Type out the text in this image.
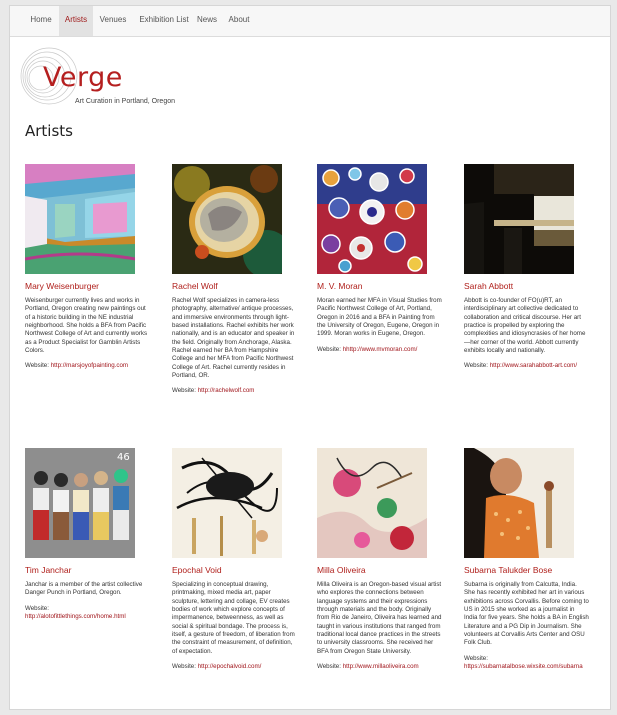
Home	Artists	Venues	Exhibition List	News	About
Verge
Art Curation in Portland, Oregon
Artists
Mary Weisenburger
Weisenburger currently lives and works in Portland, Oregon creating new paintings out of a historic building in the NE industrial neighborhood. She holds a BFA from Pacific Northwest College of Art and currently works as a Product Specialist for Gamblin Artists Colors.
Website: http://marsjoyofpainting.com
Rachel Wolf
Rachel Wolf specializes in camera-less photography, alternative/ antique processes, and immersive environments through light-based installations. Rachel exhibits her work nationally, and is an educator and speaker in the field. Originally from Anchorage, Alaska. Rachel earned her BA from Hampshire College and her MFA from Pacific Northwest College of Art. Rachel currently resides in Portland, OR.
Website: http://rachelwolf.com
M. V. Moran
Moran earned her MFA in Visual Studies from Pacific Northwest College of Art, Portland, Oregon in 2016 and a BFA in Painting from the University of Oregon, Eugene, Oregon in 1999. Moran works in Eugene, Oregon.
Website: hhttp://www.mvmoran.com/
Sarah Abbott
Abbott is co-founder of FO(u)RT, an interdisciplinary art collective dedicated to collaboration and critical discourse. Her art practice is propelled by exploring the complexities and idiosyncrasies of her home—her corner of the world. Abbott currently exhibits locally and nationally.
Website: http://www.sarahabbott-art.com/
46
Tim Janchar
Janchar is a member of the artist collective Danger Punch in Portland, Oregon.
Website: http://alotofittlethings.com/home.html
Epochal Void
Specializing in conceptual drawing, printmaking, mixed media art, paper sculpture, lettering and collage, EV creates bodies of work which explore concepts of impermanence, betweenness, as well as social & spiritual bondage. The process is, itself, a gesture of freedom, of liberation from the constraint of measurement, of definition, of expectation.
Website: http://epochalvoid.com/
Milla Oliveira
Milla Oliveira is an Oregon-based visual artist who explores the connections between language systems and their expressions through materials and the body. Originally from Rio de Janeiro, Oliveira has learned and taught in various institutions that ranged from traditional local dance practices in the streets to university classrooms. She received her BFA from Oregon State University.
Website: http://www.millaoliveira.com
Subarna Talukder Bose
Subarna is originally from Calcutta, India. She has recently exhibited her art in various exhibitions across Corvallis. Before coming to US in 2015 she worked as a journalist in India for five years. She holds a BA in English Literature and a PG Dip in Journalism. She volunteers at Corvallis Arts Center and OSU Folk Club.
Website: https://subarnatalbose.wixsite.com/subarna
